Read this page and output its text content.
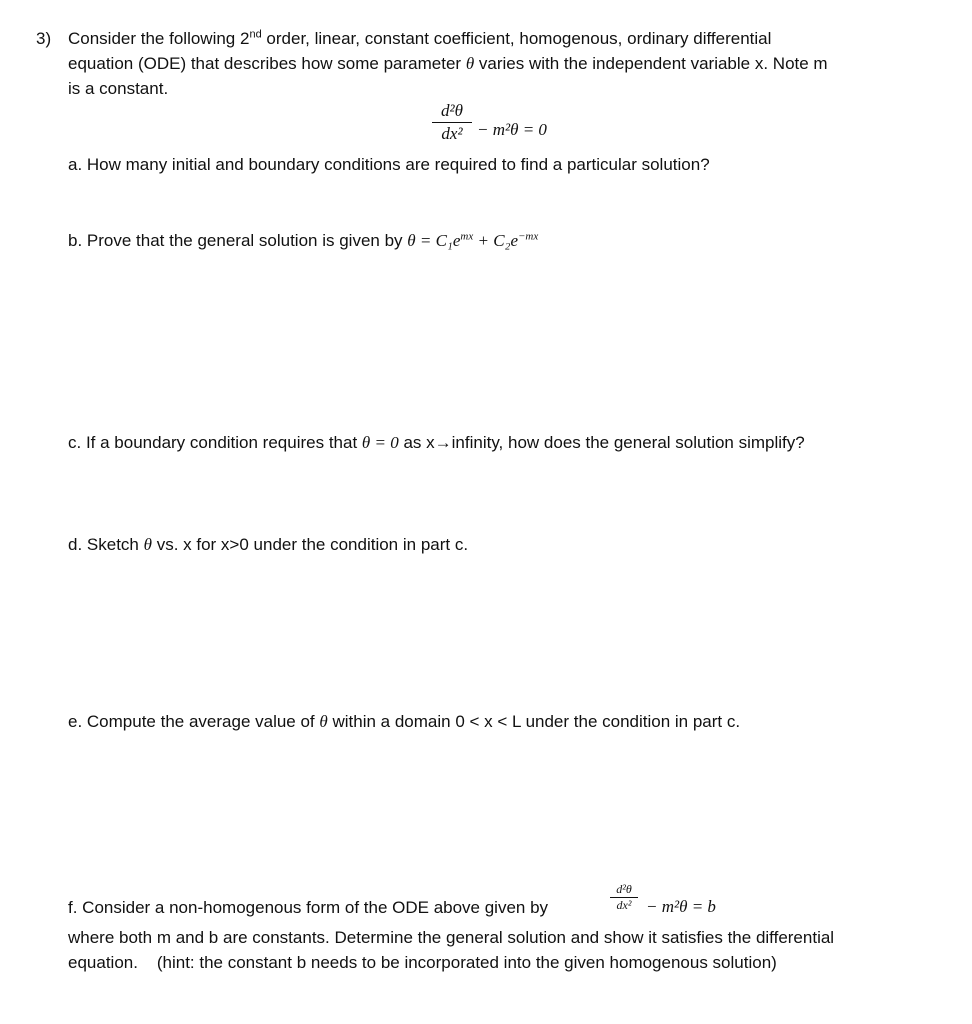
3) Consider the following 2nd order, linear, constant coefficient, homogenous, ordinary differential
equation (ODE) that describes how some parameter θ varies with the independent variable x. Note m
is a constant.
d²θ
dx² − m²θ = 0
a. How many initial and boundary conditions are required to find a particular solution?
b. Prove that the general solution is given by $\theta = C_1e^{mx} + C_2e^{-mx}$
c. If a boundary condition requires that θ = 0 as x→infinity, how does the general solution simplify?
d. Sketch θ vs. x for x>0 under the condition in part c.
e. Compute the average value of θ within a domain 0 < x < L under the condition in part c.
f. Consider a non-homogenous form of the ODE above given by
d²θ
dx² − m²θ = b
where both m and b are constants. Determine the general solution and show it satisfies the differential
equation.    (hint: the constant b needs to be incorporated into the given homogenous solution)
